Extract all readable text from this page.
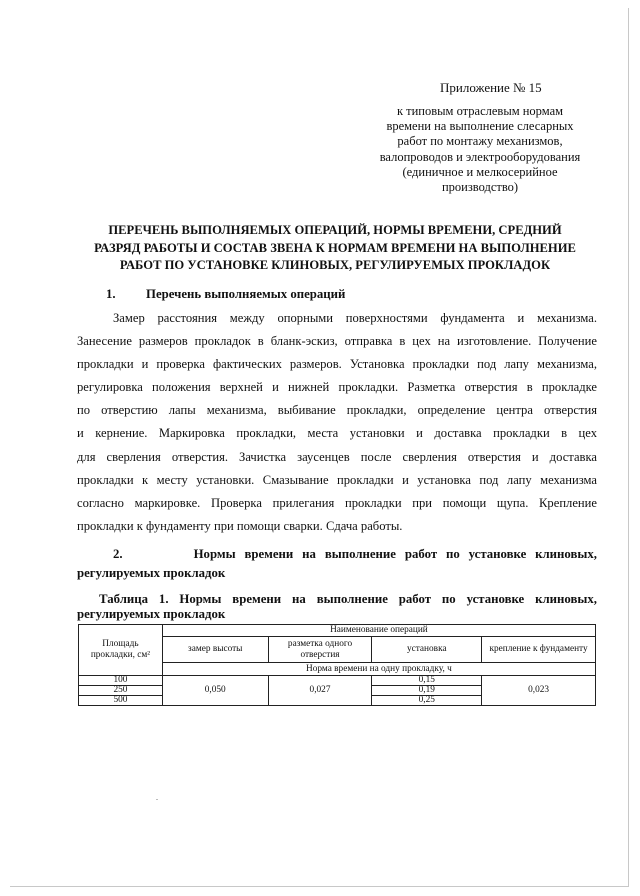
Приложение № 15
к типовым отраслевым нормам
времени на выполнение слесарных
работ по монтажу механизмов,
валопроводов и электрооборудования
(единичное и мелкосерийное
производство)
ПЕРЕЧЕНЬ ВЫПОЛНЯЕМЫХ ОПЕРАЦИЙ, НОРМЫ ВРЕМЕНИ, СРЕДНИЙ
РАЗРЯД РАБОТЫ И СОСТАВ ЗВЕНА К НОРМАМ ВРЕМЕНИ НА ВЫПОЛНЕНИЕ
РАБОТ ПО УСТАНОВКЕ КЛИНОВЫХ, РЕГУЛИРУЕМЫХ ПРОКЛАДОК
1. Перечень выполняемых операций
Замер расстояния между опорными поверхностями фундамента и механизма.
Занесение размеров прокладок в бланк-эскиз, отправка в цех на изготовление. Получение
прокладки и проверка фактических размеров. Установка прокладки под лапу механизма,
регулировка положения верхней и нижней прокладки. Разметка отверстия в прокладке
по отверстию лапы механизма, выбивание прокладки, определение центра отверстия
и кернение. Маркировка прокладки, места установки и доставка прокладки в цех
для сверления отверстия. Зачистка заусенцев после сверления отверстия и доставка
прокладки к месту установки. Смазывание прокладки и установка под лапу механизма
согласно маркировке. Проверка прилегания прокладки при помощи щупа. Крепление
прокладки к фундаменту при помощи сварки. Сдача работы.
2.	Нормы времени на выполнение работ по установке клиновых,
регулируемых прокладок
Таблица 1. Нормы времени на выполнение работ по установке клиновых,
регулируемых прокладок
Площадь прокладки, см²	Наименование операций			
	замер высоты	разметка одного отверстия	установка	крепление к фундаменту
	Норма времени на одну прокладку, ч			
100	0,050	0,027	0,15	0,023
250			0,19	
500			0,25	
